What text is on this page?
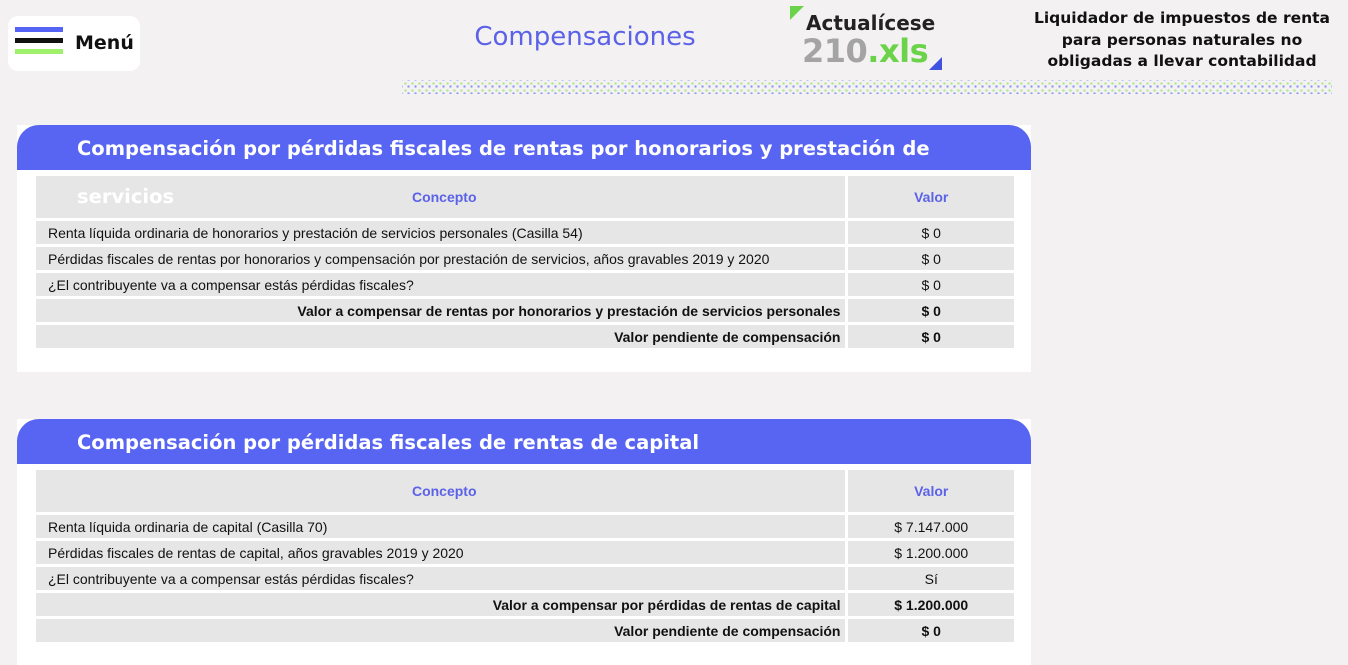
Menú	Compensaciones	Actualícese
210.xls
Liquidador de impuestos de renta
para personas naturales no
obligadas a llevar contabilidad
Compensación por pérdidas fiscales de rentas por honorarios y prestación de servicios	Concepto	Valor
Renta líquida ordinaria de honorarios y prestación de servicios personales (Casilla 54)	$ 0
Pérdidas fiscales de rentas por honorarios y compensación por prestación de servicios, años gravables 2019 y 2020	$ 0
¿El contribuyente va a compensar estás pérdidas fiscales?	$ 0
Valor a compensar de rentas por honorarios y prestación de servicios personales	$ 0
Valor pendiente de compensación	$ 0
Compensación por pérdidas fiscales de rentas de capital
Concepto	Valor
Renta líquida ordinaria de capital (Casilla 70)	$ 7.147.000
Pérdidas fiscales de rentas de capital, años gravables 2019 y 2020	$ 1.200.000
¿El contribuyente va a compensar estás pérdidas fiscales?	Sí
Valor a compensar por pérdidas de rentas de capital	$ 1.200.000
Valor pendiente de compensación	$ 0
